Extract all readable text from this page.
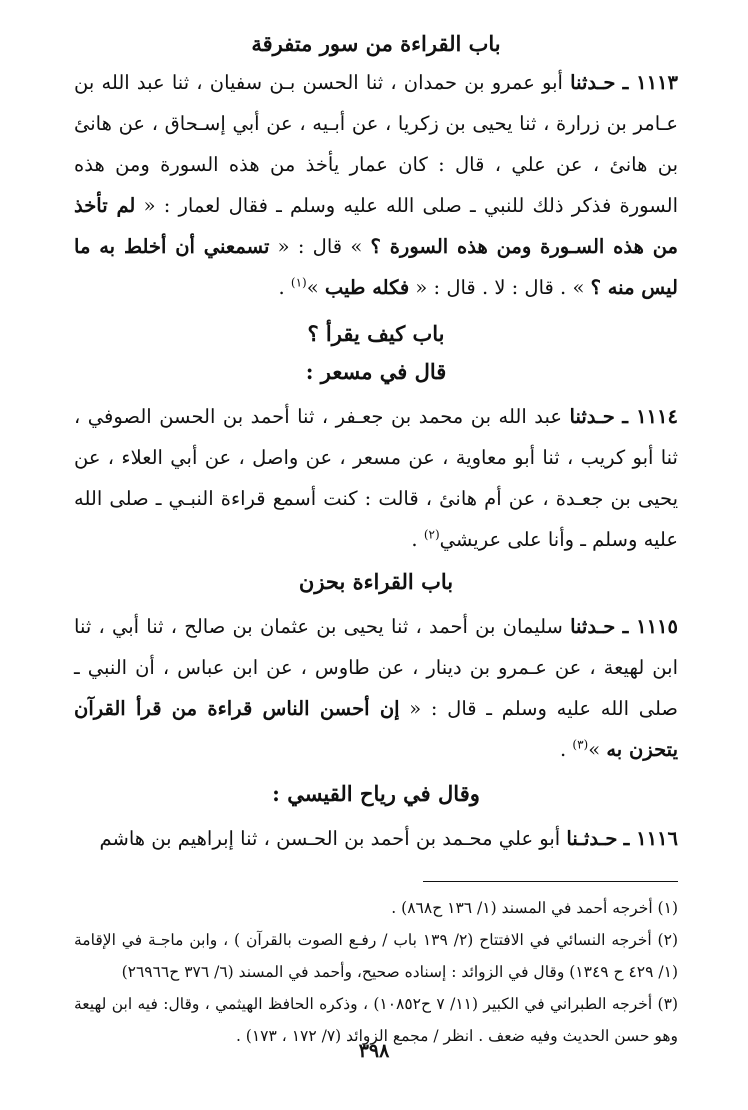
باب القراءة من سور متفرقة

١١١٣ ـ حـدثنا أبو عمرو بن حمدان ، ثنا الحسن بـن سفيان ، ثنا عبد الله بن عـامر بن زرارة ، ثنا يحيى بن زكريا ، عن أبـيه ، عن أبي إسـحاق ، عن هانئ بن هانئ ، عن علي ، قال : كان عمار يأخذ من هذه السورة ومن هذه السورة فذكر ذلك للنبي ـ صلى الله عليه وسلم ـ فقال لعمار : « لم تأخذ من هذه السـورة ومن هذه السورة ؟ » قال : « تسمعني أن أخلط به ما ليس منه ؟ » . قال : لا . قال : « فكله طيب »$^{(١)}$ .

باب كيف يقرأ ؟
قال في مسعر :

١١١٤ ـ حـدثنا عبد الله بن محمد بن جعـفر ، ثنا أحمد بن الحسن الصوفي ، ثنا أبو كريب ، ثنا أبو معاوية ، عن مسعر ، عن واصل ، عن أبي العلاء ، عن يحيى بن جعـدة ، عن أم هانئ ، قالت : كنت أسمع قراءة النبـي ـ صلى الله عليه وسلم ـ وأنا على عريشي$^{(٢)}$ .

باب القراءة بحزن

١١١٥ ـ حـدثنا سليمان بن أحمد ، ثنا يحيى بن عثمان بن صالح ، ثنا أبي ، ثنا ابن لهيعة ، عن عـمرو بن دينار ، عن طاوس ، عن ابن عباس ، أن النبي ـ صلى الله عليه وسلم ـ قال : « إن أحسن الناس قراءة من قرأ القرآن يتحزن به »$^{(٣)}$ .

وقال في رياح القيسي :

١١١٦ ـ حـدثـنا أبو علي محـمد بن أحمد بن الحـسن ، ثنا إبراهيم بن هاشم

(١) أخرجه أحمد في المسند (١/ ١٣٦ ح٨٦٨) .

(٢) أخرجه النسائي في الافتتاح (٢/ ١٣٩ باب / رفـع الصوت بالقرآن ) ، وابن ماجـة في الإقامة (١/ ٤٢٩ ح ١٣٤٩) وقال في الزوائد : إسناده صحيح، وأحمد في المسند (٦/ ٣٧٦ ح٢٦٩٦٦)

(٣) أخرجه الطبراني في الكبير (١١/ ٧ ح١٠٨٥٢) ، وذكره الحافظ الهيثمي ، وقال: فيه ابن لهيعة وهو حسن الحديث وفيه ضعف . انظر / مجمع الزوائد (٧/ ١٧٢ ، ١٧٣) .

٣٩٨
